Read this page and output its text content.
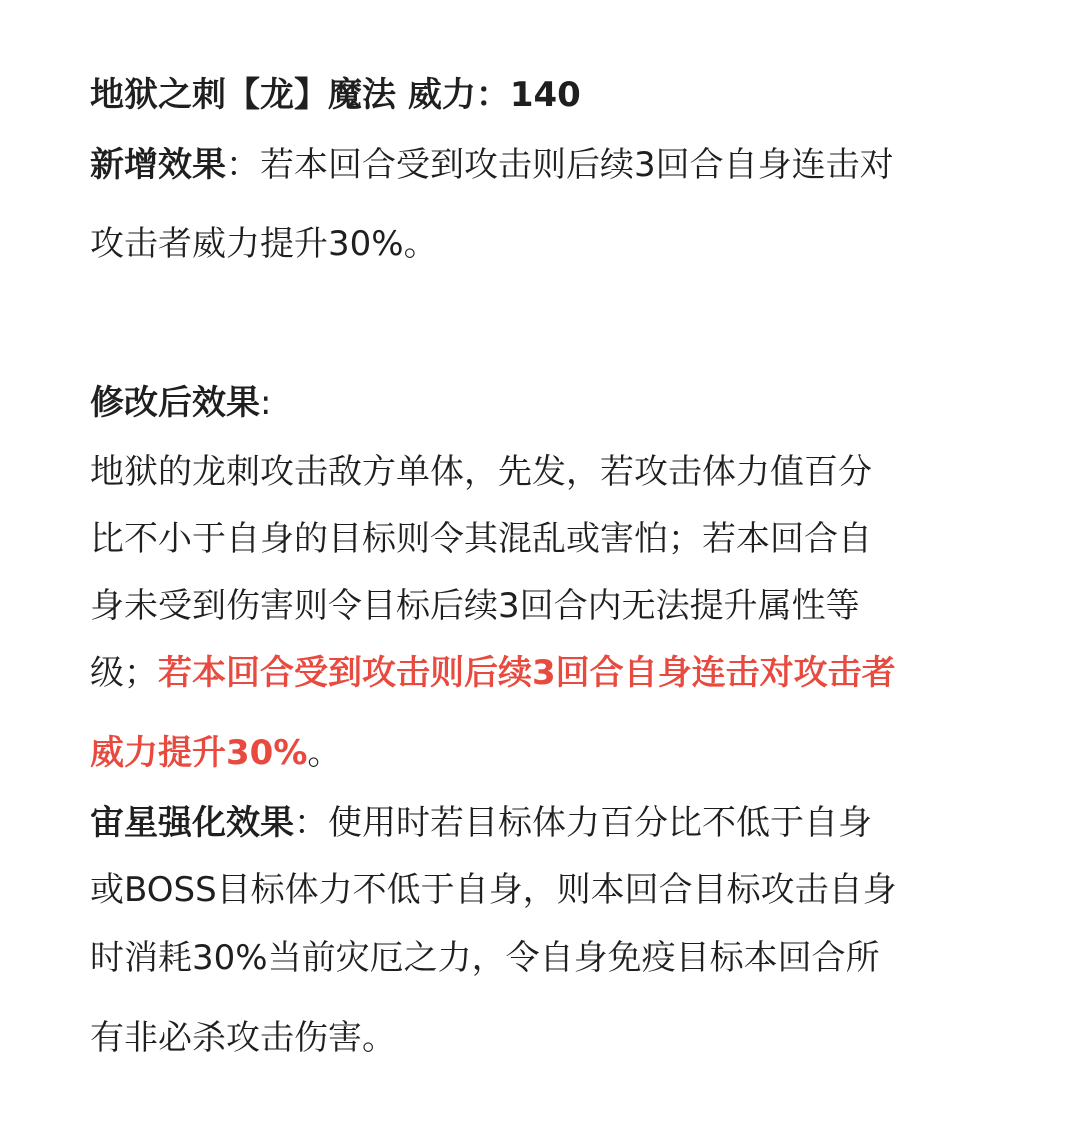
地狱之刺【龙】魔法 威力：140
新增效果：若本回合受到攻击则后续3回合自身连击对
攻击者威力提升30%。
修改后效果:
地狱的龙刺攻击敌方单体，先发，若攻击体力值百分
比不小于自身的目标则令其混乱或害怕；若本回合自
身未受到伤害则令目标后续3回合内无法提升属性等
级；若本回合受到攻击则后续3回合自身连击对攻击者
威力提升30%。
宙星强化效果：使用时若目标体力百分比不低于自身
或BOSS目标体力不低于自身，则本回合目标攻击自身
时消耗30%当前灾厄之力，令自身免疫目标本回合所
有非必杀攻击伤害。
